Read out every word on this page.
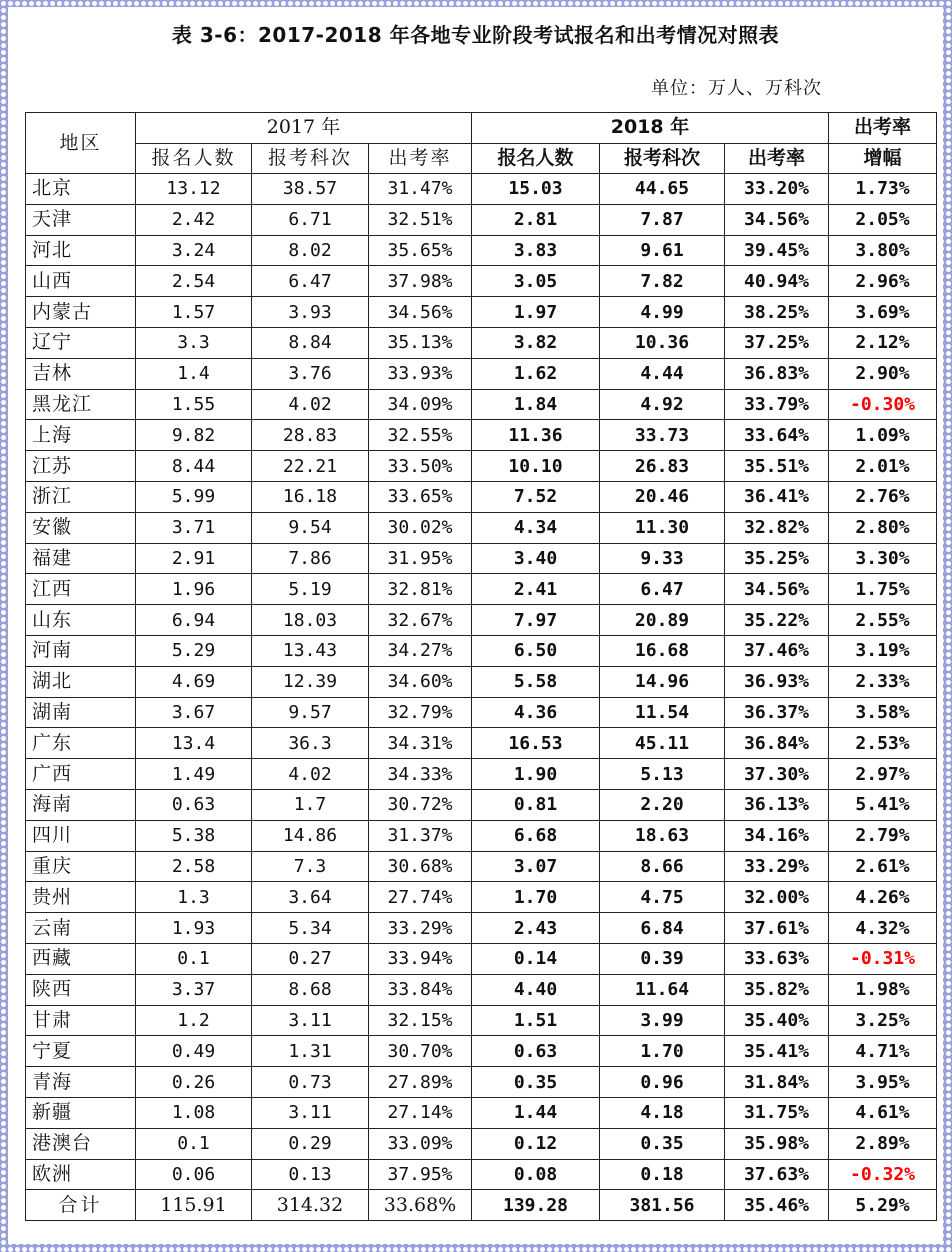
表 3-6：2017-2018 年各地专业阶段考试报名和出考情况对照表
单位：万人、万科次
地区	2017 年			2018 年			出考率
	报名人数	报考科次	出考率	报名人数	报考科次	出考率	增幅
北京	13.12	38.57	31.47%	15.03	44.65	33.20%	1.73%
天津	2.42	6.71	32.51%	2.81	7.87	34.56%	2.05%
河北	3.24	8.02	35.65%	3.83	9.61	39.45%	3.80%
山西	2.54	6.47	37.98%	3.05	7.82	40.94%	2.96%
内蒙古	1.57	3.93	34.56%	1.97	4.99	38.25%	3.69%
辽宁	3.3	8.84	35.13%	3.82	10.36	37.25%	2.12%
吉林	1.4	3.76	33.93%	1.62	4.44	36.83%	2.90%
黑龙江	1.55	4.02	34.09%	1.84	4.92	33.79%	-0.30%
上海	9.82	28.83	32.55%	11.36	33.73	33.64%	1.09%
江苏	8.44	22.21	33.50%	10.10	26.83	35.51%	2.01%
浙江	5.99	16.18	33.65%	7.52	20.46	36.41%	2.76%
安徽	3.71	9.54	30.02%	4.34	11.30	32.82%	2.80%
福建	2.91	7.86	31.95%	3.40	9.33	35.25%	3.30%
江西	1.96	5.19	32.81%	2.41	6.47	34.56%	1.75%
山东	6.94	18.03	32.67%	7.97	20.89	35.22%	2.55%
河南	5.29	13.43	34.27%	6.50	16.68	37.46%	3.19%
湖北	4.69	12.39	34.60%	5.58	14.96	36.93%	2.33%
湖南	3.67	9.57	32.79%	4.36	11.54	36.37%	3.58%
广东	13.4	36.3	34.31%	16.53	45.11	36.84%	2.53%
广西	1.49	4.02	34.33%	1.90	5.13	37.30%	2.97%
海南	0.63	1.7	30.72%	0.81	2.20	36.13%	5.41%
四川	5.38	14.86	31.37%	6.68	18.63	34.16%	2.79%
重庆	2.58	7.3	30.68%	3.07	8.66	33.29%	2.61%
贵州	1.3	3.64	27.74%	1.70	4.75	32.00%	4.26%
云南	1.93	5.34	33.29%	2.43	6.84	37.61%	4.32%
西藏	0.1	0.27	33.94%	0.14	0.39	33.63%	-0.31%
陕西	3.37	8.68	33.84%	4.40	11.64	35.82%	1.98%
甘肃	1.2	3.11	32.15%	1.51	3.99	35.40%	3.25%
宁夏	0.49	1.31	30.70%	0.63	1.70	35.41%	4.71%
青海	0.26	0.73	27.89%	0.35	0.96	31.84%	3.95%
新疆	1.08	3.11	27.14%	1.44	4.18	31.75%	4.61%
港澳台	0.1	0.29	33.09%	0.12	0.35	35.98%	2.89%
欧洲	0.06	0.13	37.95%	0.08	0.18	37.63%	-0.32%
合计	115.91	314.32	33.68%	139.28	381.56	35.46%	5.29%
